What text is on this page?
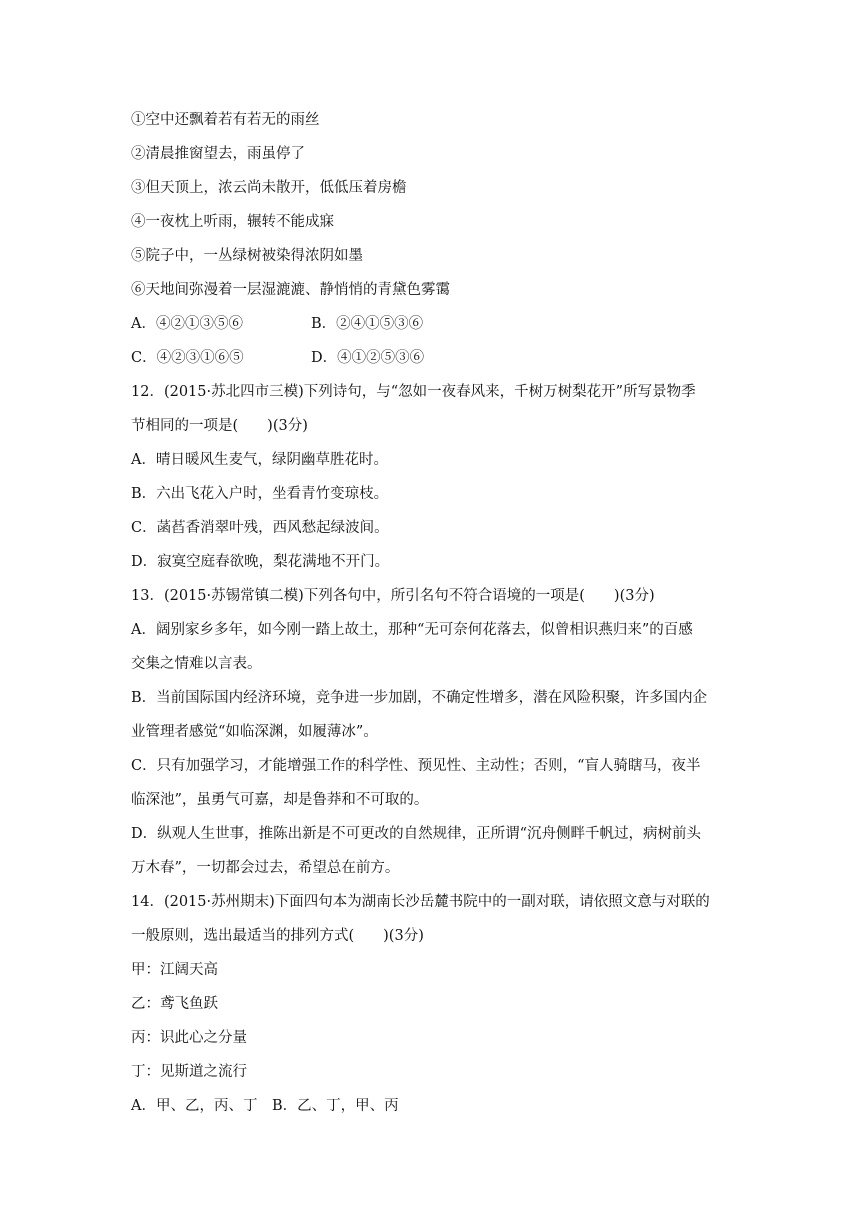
①空中还飘着若有若无的雨丝
②清晨推窗望去，雨虽停了
③但天顶上，浓云尚未散开，低低压着房檐
④一夜枕上听雨，辗转不能成寐
⑤院子中，一丛绿树被染得浓阴如墨
⑥天地间弥漫着一层湿漉漉、静悄悄的青黛色雾霭
A．④②①③⑤⑥	B．②④①⑤③⑥
C．④②③①⑥⑤	D．④①②⑤③⑥
12．(2015·苏北四市三模)下列诗句，与“忽如一夜春风来，千树万树梨花开”所写景物季
节相同的一项是(　　)(3分)
A．晴日暖风生麦气，绿阴幽草胜花时。
B．六出飞花入户时，坐看青竹变琼枝。
C．菡萏香消翠叶残，西风愁起绿波间。
D．寂寞空庭春欲晚，梨花满地不开门。
13．(2015·苏锡常镇二模)下列各句中，所引名句不符合语境的一项是(　　)(3分)
A．阔别家乡多年，如今刚一踏上故土，那种“无可奈何花落去，似曾相识燕归来”的百感
交集之情难以言表。
B．当前国际国内经济环境，竞争进一步加剧，不确定性增多，潜在风险积聚，许多国内企
业管理者感觉“如临深渊，如履薄冰”。
C．只有加强学习，才能增强工作的科学性、预见性、主动性；否则，“盲人骑瞎马，夜半
临深池”，虽勇气可嘉，却是鲁莽和不可取的。
D．纵观人生世事，推陈出新是不可更改的自然规律，正所谓“沉舟侧畔千帆过，病树前头
万木春”，一切都会过去，希望总在前方。
14．(2015·苏州期末)下面四句本为湖南长沙岳麓书院中的一副对联，请依照文意与对联的
一般原则，选出最适当的排列方式(　　)(3分)
甲：江阔天高
乙：鸢飞鱼跃
丙：识此心之分量
丁：见斯道之流行
A．甲、乙，丙、丁　B．乙、丁，甲、丙
